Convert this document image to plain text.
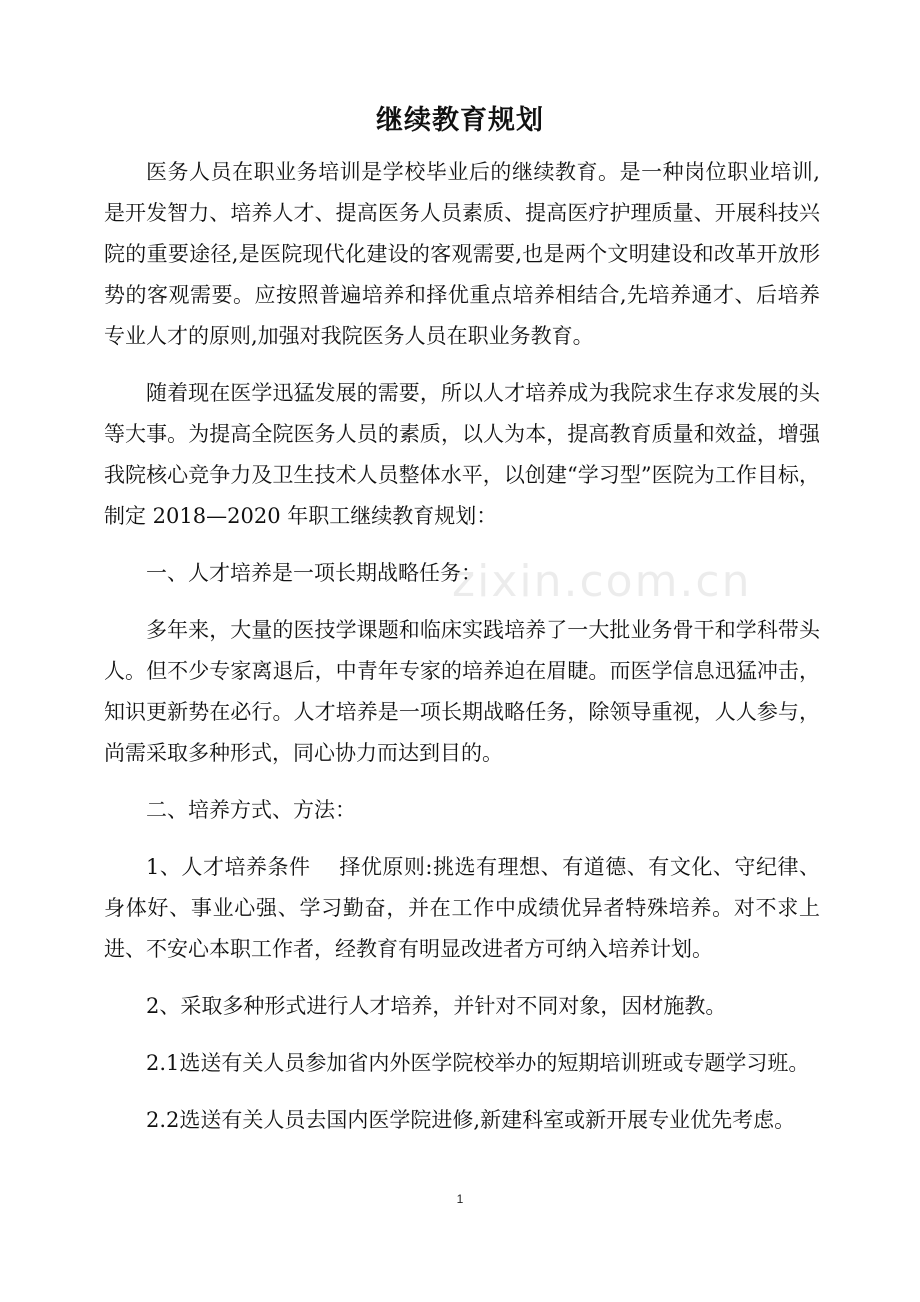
继续教育规划

医务人员在职业务培训是学校毕业后的继续教育。是一种岗位职业培训,是开发智力、培养人才、提高医务人员素质、提高医疗护理质量、开展科技兴院的重要途径,是医院现代化建设的客观需要,也是两个文明建设和改革开放形势的客观需要。应按照普遍培养和择优重点培养相结合,先培养通才、后培养专业人才的原则,加强对我院医务人员在职业务教育。

随着现在医学迅猛发展的需要，所以人才培养成为我院求生存求发展的头等大事。为提高全院医务人员的素质，以人为本，提高教育质量和效益，增强我院核心竞争力及卫生技术人员整体水平，以创建“学习型”医院为工作目标，制定 2018—2020 年职工继续教育规划：

一、人才培养是一项长期战略任务：

多年来，大量的医技学课题和临床实践培养了一大批业务骨干和学科带头人。但不少专家离退后，中青年专家的培养迫在眉睫。而医学信息迅猛冲击，知识更新势在必行。人才培养是一项长期战略任务，除领导重视，人人参与，尚需采取多种形式，同心协力而达到目的。

二、培养方式、方法：

1、人才培养条件　 择优原则:挑选有理想、有道德、有文化、守纪律、身体好、事业心强、学习勤奋，并在工作中成绩优异者特殊培养。对不求上进、不安心本职工作者，经教育有明显改进者方可纳入培养计划。

2、采取多种形式进行人才培养，并针对不同对象，因材施教。

2.1选送有关人员参加省内外医学院校举办的短期培训班或专题学习班。

2.2选送有关人员去国内医学院进修,新建科室或新开展专业优先考虑。

zixin.com.cn
1
